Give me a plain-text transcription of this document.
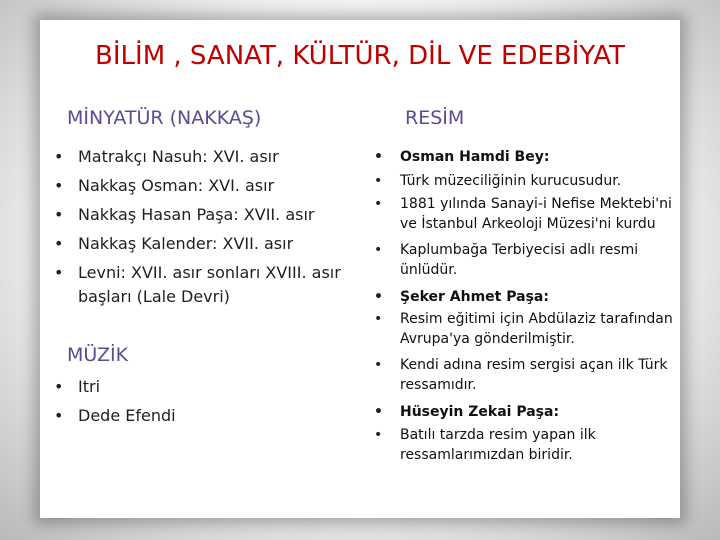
BİLİM , SANAT, KÜLTÜR, DİL VE EDEBİYAT
MİNYATÜR (NAKKAŞ)
• Matrakçı Nasuh: XVI. asır
• Nakkaş Osman: XVI. asır
• Nakkaş Hasan Paşa: XVII. asır
• Nakkaş Kalender: XVII. asır
• Levni: XVII. asır sonları XVIII. asır başları (Lale Devri)
MÜZİK
• Itri
• Dede Efendi
RESİM
• Osman Hamdi Bey:
• Türk müzeciliğinin kurucusudur.
• 1881 yılında Sanayi-i Nefise Mektebi'ni ve İstanbul Arkeoloji Müzesi'ni kurdu
• Kaplumbağa Terbiyecisi adlı resmi ünlüdür.
• Şeker Ahmet Paşa:
• Resim eğitimi için Abdülaziz tarafından Avrupa'ya gönderilmiştir.
• Kendi adına resim sergisi açan ilk Türk ressamıdır.
• Hüseyin Zekai Paşa:
• Batılı tarzda resim yapan ilk ressamlarımızdan biridir.
